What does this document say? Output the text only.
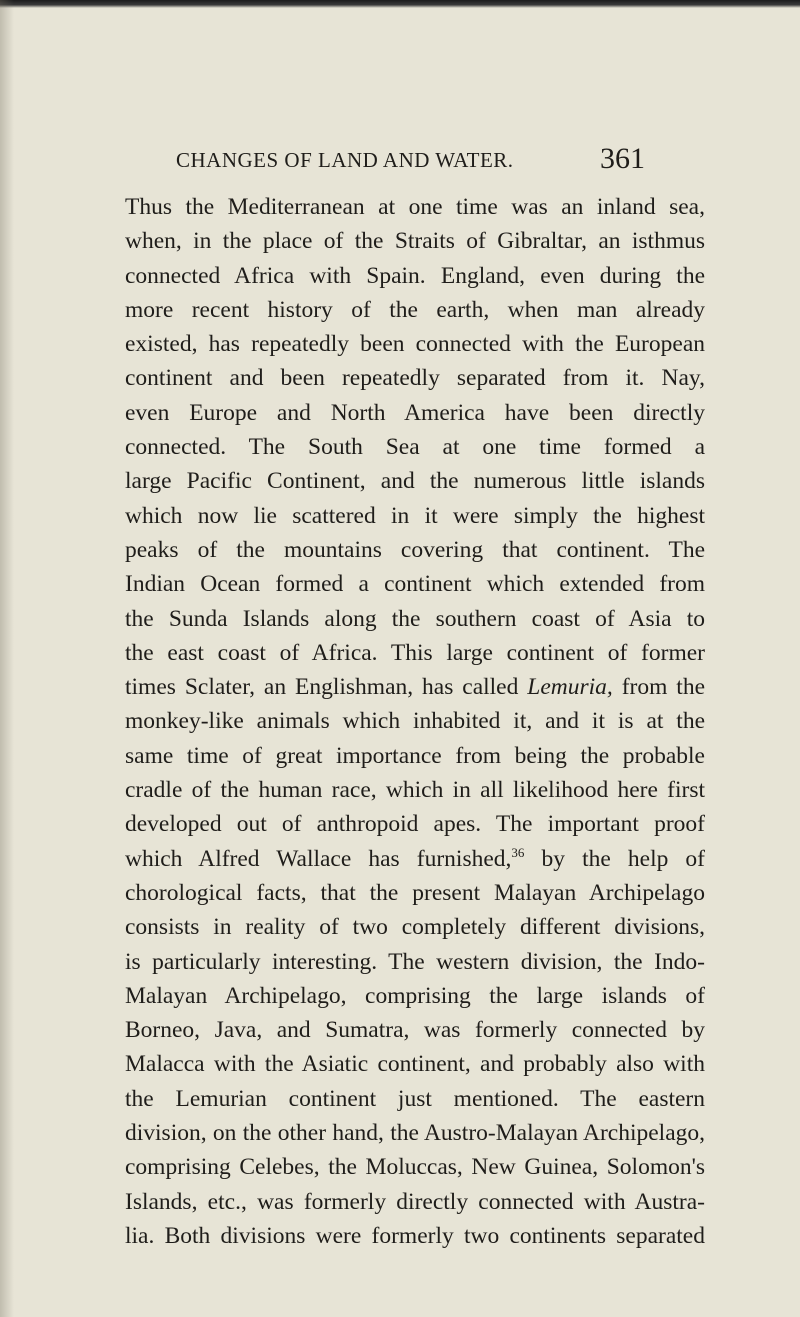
CHANGES OF LAND AND WATER.	361
Thus the Mediterranean at one time was an inland sea,
when, in the place of the Straits of Gibraltar, an isthmus
connected Africa with Spain. England, even during the
more recent history of the earth, when man already
existed, has repeatedly been connected with the European
continent and been repeatedly separated from it. Nay,
even Europe and North America have been directly
connected. The South Sea at one time formed a
large Pacific Continent, and the numerous little islands
which now lie scattered in it were simply the highest
peaks of the mountains covering that continent. The
Indian Ocean formed a continent which extended from
the Sunda Islands along the southern coast of Asia to
the east coast of Africa. This large continent of former
times Sclater, an Englishman, has called Lemuria, from the
monkey-like animals which inhabited it, and it is at the
same time of great importance from being the probable
cradle of the human race, which in all likelihood here first
developed out of anthropoid apes. The important proof
which Alfred Wallace has furnished,$^{36}$ by the help of
chorological facts, that the present Malayan Archipelago
consists in reality of two completely different divisions,
is particularly interesting. The western division, the Indo-
Malayan Archipelago, comprising the large islands of
Borneo, Java, and Sumatra, was formerly connected by
Malacca with the Asiatic continent, and probably also with
the Lemurian continent just mentioned. The eastern
division, on the other hand, the Austro-Malayan Archipelago,
comprising Celebes, the Moluccas, New Guinea, Solomon's
Islands, etc., was formerly directly connected with Austra-
lia. Both divisions were formerly two continents separated
